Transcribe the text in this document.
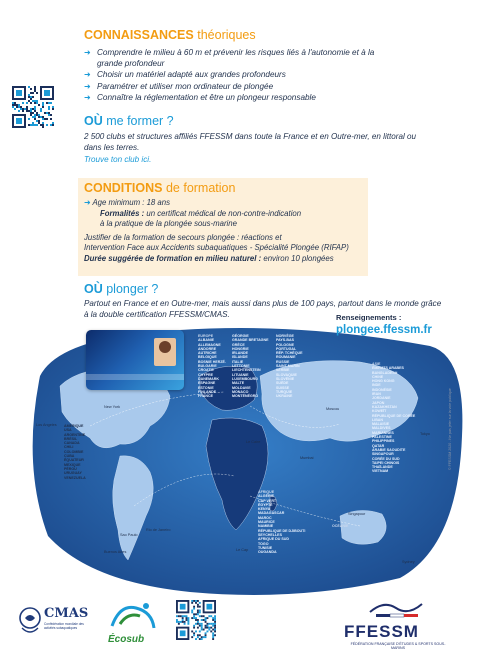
CONNAISSANCES théoriques
➜ Comprendre le milieu à 60 m et prévenir les risques liés à l'autonomie et à la grande profondeur
➜ Choisir un matériel adapté aux grandes profondeurs
➜ Paramétrer et utiliser mon ordinateur de plongée
➜ Connaître la réglementation et être un plongeur responsable
OÙ me former ?
2 500 clubs et structures affiliés FFESSM dans toute la France et en Outre-mer, en littoral ou dans les terres.
Trouve ton club ici.
CONDITIONS de formation
➜ Age minimum : 18 ans
Formalités : un certificat médical de non-contre-indication
à la pratique de la plongée sous-marine
Justifier de la formation de secours plongée : réactions et
Intervention Face aux Accidents subaquatiques - Spécialité Plongée (RIFAP)
Durée suggérée de formation en milieu naturel : environ 10 plongées
OÙ plonger ?
Partout en France et en Outre-mer, mais aussi dans plus de 100 pays, partout dans le monde grâce à la double certification FFESSM/CMAS.	Renseignements :
plongee.ffessm.fr
EUROPE
ALBANIE
ALLEMAGNE
ANDORRE
AUTRICHE
BELGIQUE
BOSNIE HERZÉ.
BULGARIE
CROATIE
CHYPRE
DANEMARK
ESPAGNE
ESTONIE
FINLANDE
FRANCE
GÉORGIE
GRANDE BRETAGNE
GRÈCE
HONGRIE
IRLANDE
ISLANDE
ITALIE
LETTONIE
LIECHTENSTEIN
LITUANIE
LUXEMBOURG
MALTE
MOLDAVIE
MONACO
MONTÉNÉGRO
NORVÈGE
PAYS-BAS
POLOGNE
PORTUGAL
RÉP. TCHÈQUE
ROUMANIE
RUSSIE
SAINT MARIN
SERBIE
SLOVAQUIE
SLOVÉNIE
SUÈDE
SUISSE
TURQUIE
UKRAINE
AMÉRIQUE
USA
ARGENTINE
BRÉSIL
CANADA
CHILI
COLOMBIE
CUBA
ÉQUATEUR
MEXIQUE
PÉROU
URUGUAY
VENEZUELA
ASIE
ÉMIRATS ARABES
BANGLADESH
CHINE
HONG KONG
INDE
INDONÉSIE
IRAN
JORDANIE
JAPON
KAZAKHSTAN
KOWEÏT
RÉPUBLIQUE DE CORÉE
LIBAN
MALAISIE
MALDIVES
MARIANNES
PALESTINE
PHILIPPINES
QATAR
ARABIE SAOUDITE
SINGAPOUR
CORÉE DU SUD
TAIPEI CHINOIS
THAÏLANDE
VIETNAM
AFRIQUE
ALGÉRIE
CAP VERT
ÉGYPTE
KENYA
MADAGASCAR
MAROC
MAURICE
NAMIBIE
RÉPUBLIQUE DE DJIBOUTI
SEYCHELLES
AFRIQUE DU SUD
TOGO
TUNISIE
OUGANDA
OCÉANIE
Los Angeles
New York
Rio de Janeiro
Sao Paulo
Buenos Aires
Moscou
Mumbai
Le Caire
Le Cap
Singapour
Tokyo
Sydney
© FFESSM 2020 - Ne pas jeter sur la voie publique
CMAS
Confédération mondiale des activités subaquatiques
Écosub	FFESSM
FÉDÉRATION FRANÇAISE D'ÉTUDES & SPORTS SOUS-MARINS
